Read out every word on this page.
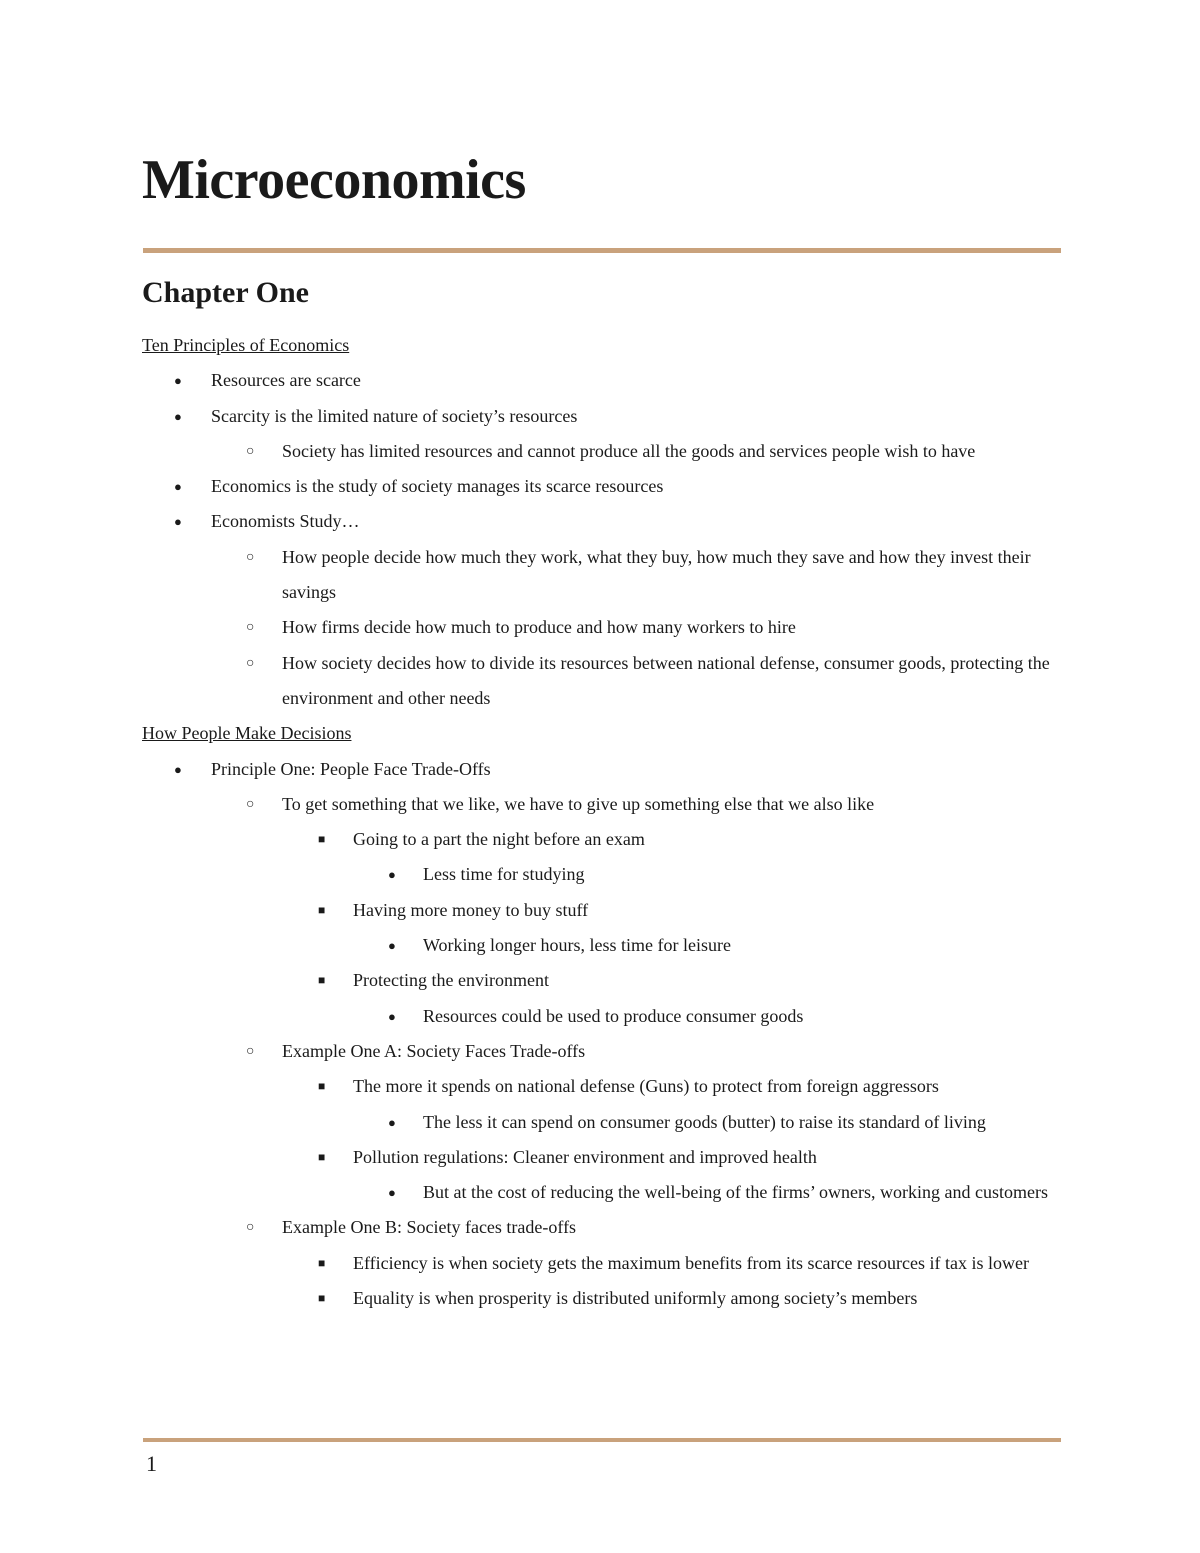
Microeconomics
Chapter One

Ten Principles of Economics

● Resources are scarce
● Scarcity is the limited nature of society’s resources
○ Society has limited resources and cannot produce all the goods and services people wish to have
● Economics is the study of society manages its scarce resources
● Economists Study…
○ How people decide how much they work, what they buy, how much they save and how they invest their savings
○ How firms decide how much to produce and how many workers to hire
○ How society decides how to divide its resources between national defense, consumer goods, protecting the environment and other needs

How People Make Decisions

● Principle One: People Face Trade-Offs
○ To get something that we like, we have to give up something else that we also like
■ Going to a part the night before an exam
● Less time for studying
■ Having more money to buy stuff
● Working longer hours, less time for leisure
■ Protecting the environment
● Resources could be used to produce consumer goods
○ Example One A: Society Faces Trade-offs
■ The more it spends on national defense (Guns) to protect from foreign aggressors
● The less it can spend on consumer goods (butter) to raise its standard of living
■ Pollution regulations: Cleaner environment and improved health
● But at the cost of reducing the well-being of the firms’ owners, working and customers
○ Example One B: Society faces trade-offs
■ Efficiency is when society gets the maximum benefits from its scarce resources if tax is lower
■ Equality is when prosperity is distributed uniformly among society’s members
1
